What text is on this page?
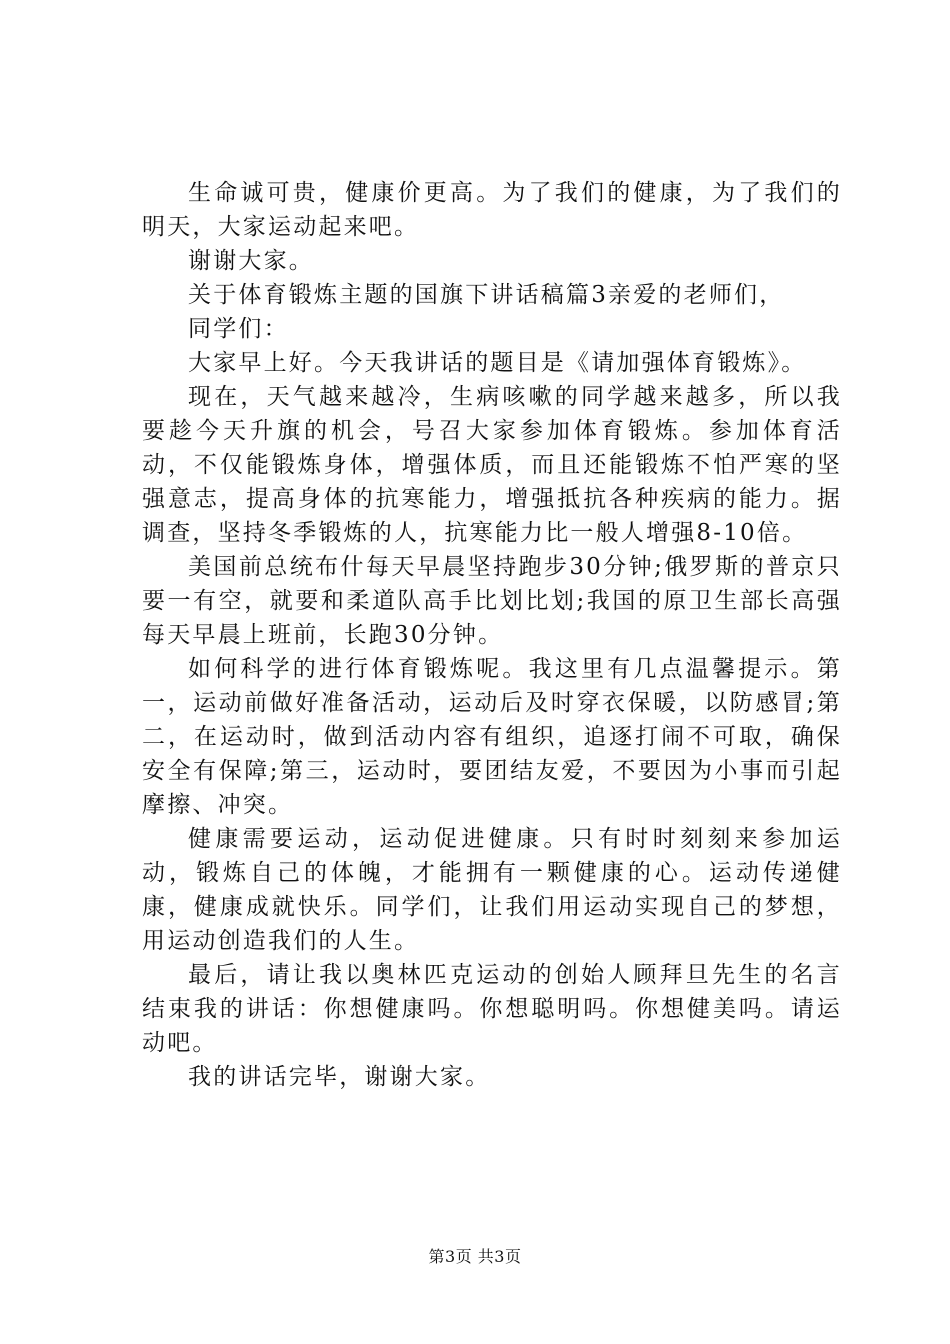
生命诚可贵，健康价更高。为了我们的健康，为了我们的明天，大家运动起来吧。

谢谢大家。

关于体育锻炼主题的国旗下讲话稿篇3亲爱的老师们，

同学们：

大家早上好。今天我讲话的题目是《请加强体育锻炼》。

现在，天气越来越冷，生病咳嗽的同学越来越多，所以我要趁今天升旗的机会，号召大家参加体育锻炼。参加体育活动，不仅能锻炼身体，增强体质，而且还能锻炼不怕严寒的坚强意志，提高身体的抗寒能力，增强抵抗各种疾病的能力。据调查，坚持冬季锻炼的人，抗寒能力比一般人增强8-10倍。

美国前总统布什每天早晨坚持跑步30分钟;俄罗斯的普京只要一有空，就要和柔道队高手比划比划;我国的原卫生部长高强每天早晨上班前，长跑30分钟。

如何科学的进行体育锻炼呢。我这里有几点温馨提示。第一，运动前做好准备活动，运动后及时穿衣保暖，以防感冒;第二，在运动时，做到活动内容有组织，追逐打闹不可取，确保安全有保障;第三，运动时，要团结友爱，不要因为小事而引起摩擦、冲突。

健康需要运动，运动促进健康。只有时时刻刻来参加运动，锻炼自己的体魄，才能拥有一颗健康的心。运动传递健康，健康成就快乐。同学们，让我们用运动实现自己的梦想，用运动创造我们的人生。

最后，请让我以奥林匹克运动的创始人顾拜旦先生的名言结束我的讲话：你想健康吗。你想聪明吗。你想健美吗。请运动吧。

我的讲话完毕，谢谢大家。

第3页 共3页
